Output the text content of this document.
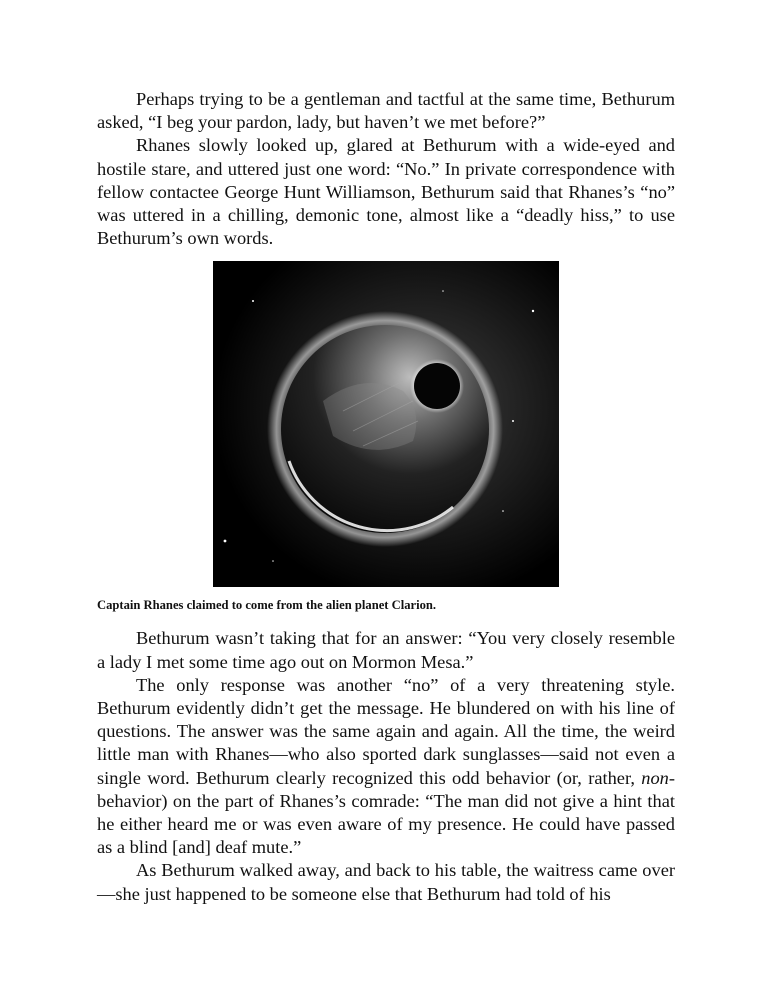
Perhaps trying to be a gentleman and tactful at the same time, Bethurum asked, “I beg your pardon, lady, but haven’t we met before?”

Rhanes slowly looked up, glared at Bethurum with a wide-eyed and hostile stare, and uttered just one word: “No.” In private correspondence with fellow contactee George Hunt Williamson, Bethurum said that Rhanes’s “no” was uttered in a chilling, demonic tone, almost like a “deadly hiss,” to use Bethurum’s own words.

Captain Rhanes claimed to come from the alien planet Clarion.

Bethurum wasn’t taking that for an answer: “You very closely resemble a lady I met some time ago out on Mormon Mesa.”

The only response was another “no” of a very threatening style. Bethurum evidently didn’t get the message. He blundered on with his line of questions. The answer was the same again and again. All the time, the weird little man with Rhanes—who also sported dark sunglasses—said not even a single word. Bethurum clearly recognized this odd behavior (or, rather, non-behavior) on the part of Rhanes’s comrade: “The man did not give a hint that he either heard me or was even aware of my presence. He could have passed as a blind [and] deaf mute.”

As Bethurum walked away, and back to his table, the waitress came over—she just happened to be someone else that Bethurum had told of his
